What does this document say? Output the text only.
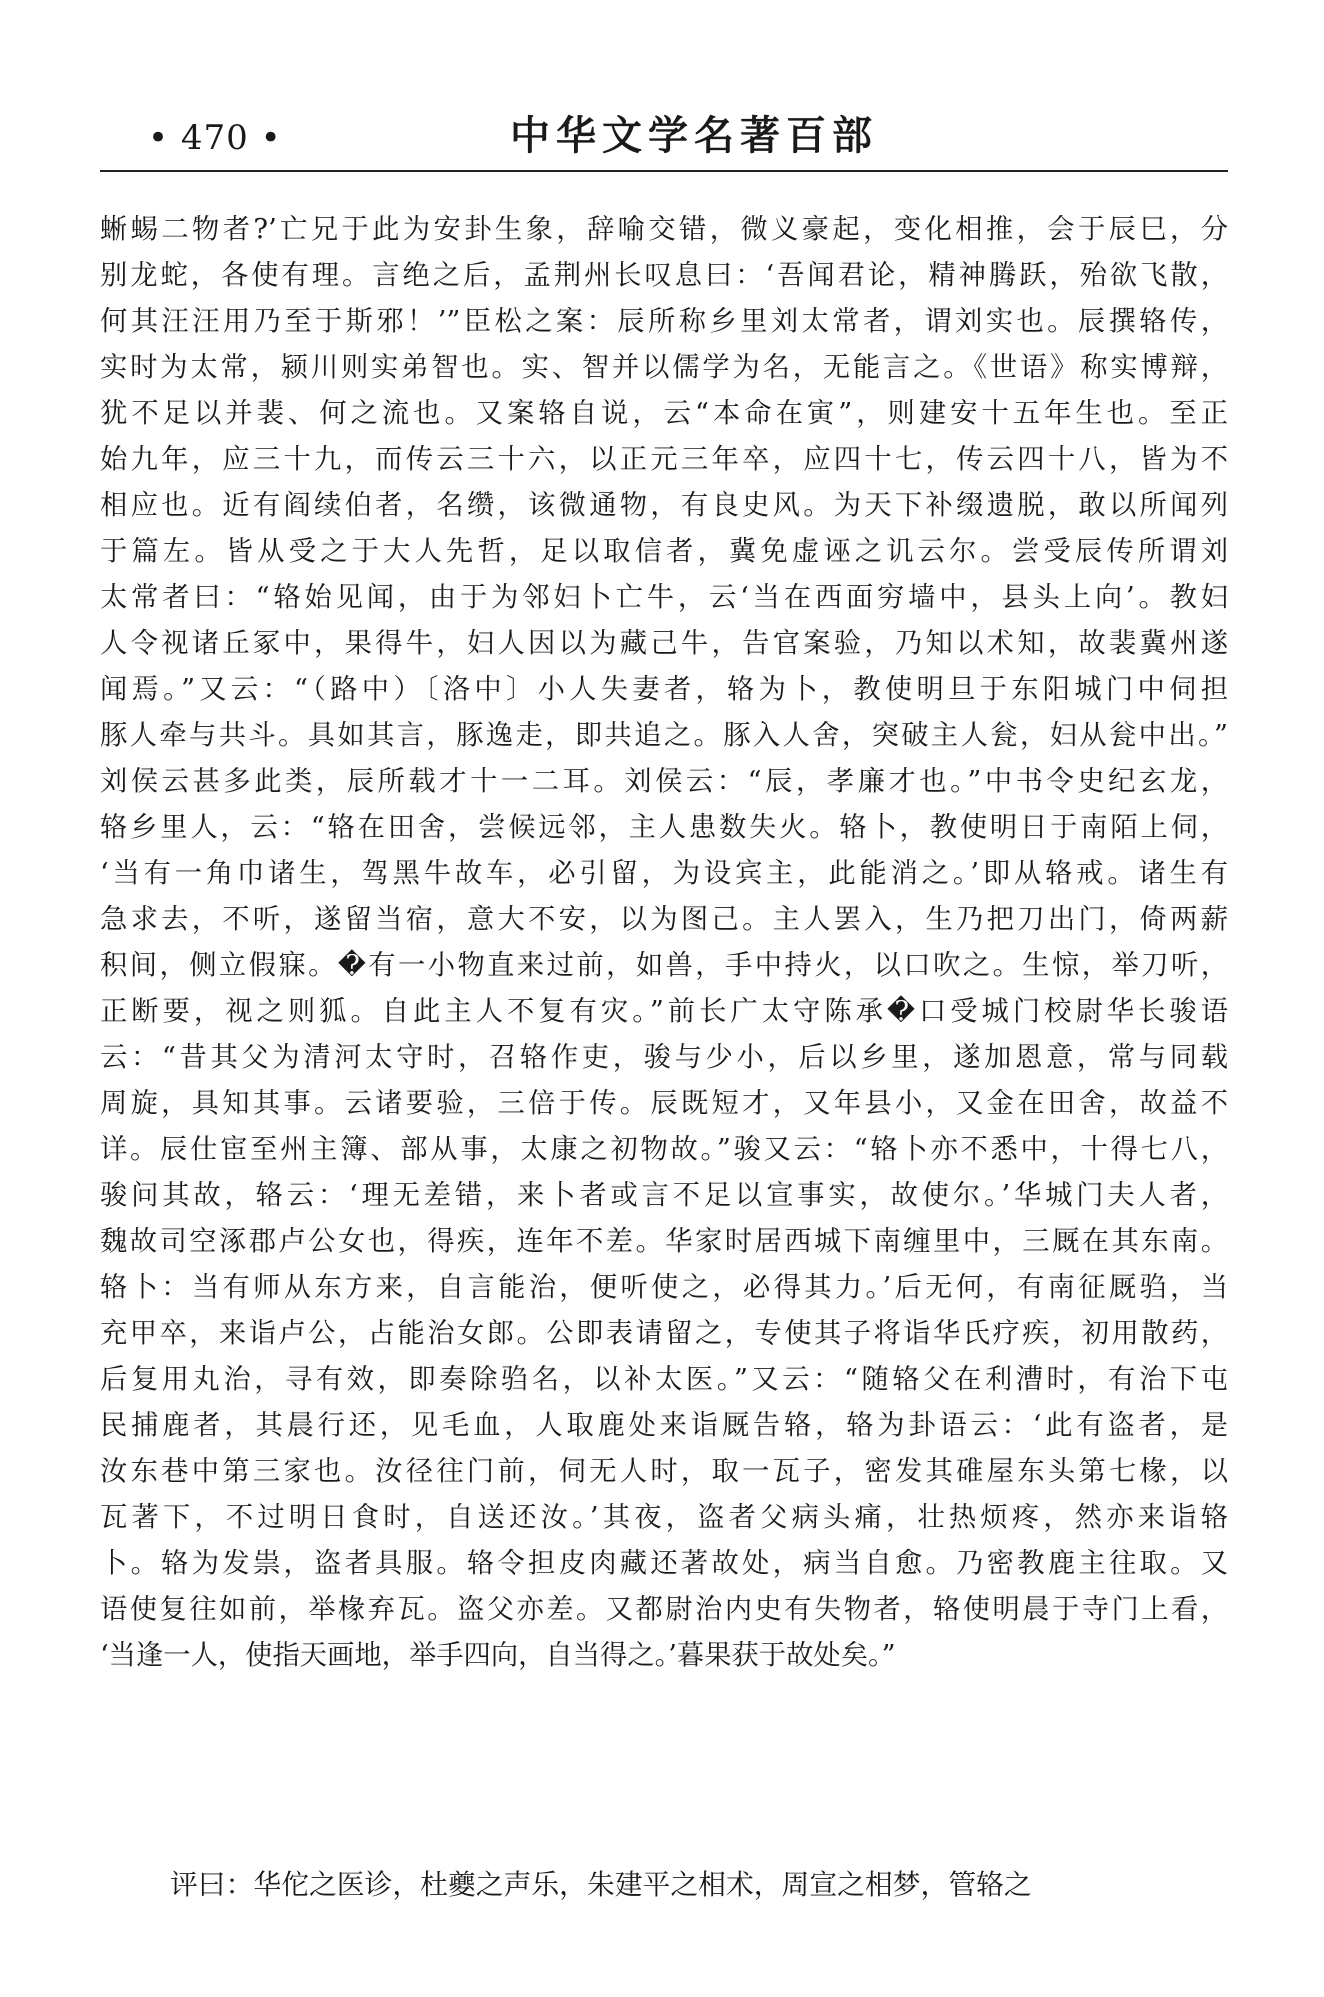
• 470 •	中华文学名著百部
蜥蜴二物者?’亡兄于此为安卦生象，辞喻交错，微义豪起，变化相推，会于辰巳，分
别龙蛇，各使有理。言绝之后，孟荆州长叹息曰：‘吾闻君论，精神腾跃，殆欲飞散，
何其汪汪用乃至于斯邪！’”臣松之案：辰所称乡里刘太常者，谓刘实也。辰撰辂传，
实时为太常，颍川则实弟智也。实、智并以儒学为名，无能言之。《世语》称实博辩，
犹不足以并裴、何之流也。又案辂自说，云“本命在寅”，则建安十五年生也。至正
始九年，应三十九，而传云三十六，以正元三年卒，应四十七，传云四十八，皆为不
相应也。近有阎续伯者，名缵，该微通物，有良史风。为天下补缀遗脱，敢以所闻列
于篇左。皆从受之于大人先哲，足以取信者，冀免虚诬之讥云尔。尝受辰传所谓刘
太常者曰：“辂始见闻，由于为邻妇卜亡牛，云‘当在西面穷墙中，县头上向’。教妇
人令视诸丘冢中，果得牛，妇人因以为藏己牛，告官案验，乃知以术知，故裴冀州遂
闻焉。”又云：“（路中）〔洛中〕小人失妻者，辂为卜，教使明旦于东阳城门中伺担
豚人牵与共斗。具如其言，豚逸走，即共追之。豚入人舍，突破主人瓮，妇从瓮中出。”
刘侯云甚多此类，辰所载才十一二耳。刘侯云：“辰，孝廉才也。”中书令史纪玄龙，
辂乡里人，云：“辂在田舍，尝候远邻，主人患数失火。辂卜，教使明日于南陌上伺，
‘当有一角巾诸生，驾黑牛故车，必引留，为设宾主，此能消之。’即从辂戒。诸生有
急求去，不听，遂留当宿，意大不安，以为图己。主人罢入，生乃把刀出门，倚两薪
积间，侧立假寐。�有一小物直来过前，如兽，手中持火，以口吹之。生惊，举刀听，
正断要，视之则狐。自此主人不复有灾。”前长广太守陈承�口受城门校尉华长骏语
云：“昔其父为清河太守时，召辂作吏，骏与少小，后以乡里，遂加恩意，常与同载
周旋，具知其事。云诸要验，三倍于传。辰既短才，又年县小，又金在田舍，故益不
详。辰仕宦至州主簿、部从事，太康之初物故。”骏又云：“辂卜亦不悉中，十得七八，
骏问其故，辂云：‘理无差错，来卜者或言不足以宣事实，故使尔。’华城门夫人者，
魏故司空涿郡卢公女也，得疾，连年不差。华家时居西城下南缠里中，三厩在其东南。
辂卜：当有师从东方来，自言能治，便听使之，必得其力。’后无何，有南征厩驺，当
充甲卒，来诣卢公，占能治女郎。公即表请留之，专使其子将诣华氏疗疾，初用散药，
后复用丸治，寻有效，即奏除驺名，以补太医。”又云：“随辂父在利漕时，有治下屯
民捕鹿者，其晨行还，见毛血，人取鹿处来诣厩告辂，辂为卦语云：‘此有盗者，是
汝东巷中第三家也。汝径往门前，伺无人时，取一瓦子，密发其碓屋东头第七椽，以
瓦著下，不过明日食时，自送还汝。’其夜，盗者父病头痛，壮热烦疼，然亦来诣辂
卜。辂为发祟，盗者具服。辂令担皮肉藏还著故处，病当自愈。乃密教鹿主往取。又
语使复往如前，举椽弃瓦。盗父亦差。又都尉治内史有失物者，辂使明晨于寺门上看，
‘当逢一人，使指天画地，举手四向，自当得之。’暮果获于故处矣。”
评曰：华佗之医诊，杜夔之声乐，朱建平之相术，周宣之相梦，管辂之
